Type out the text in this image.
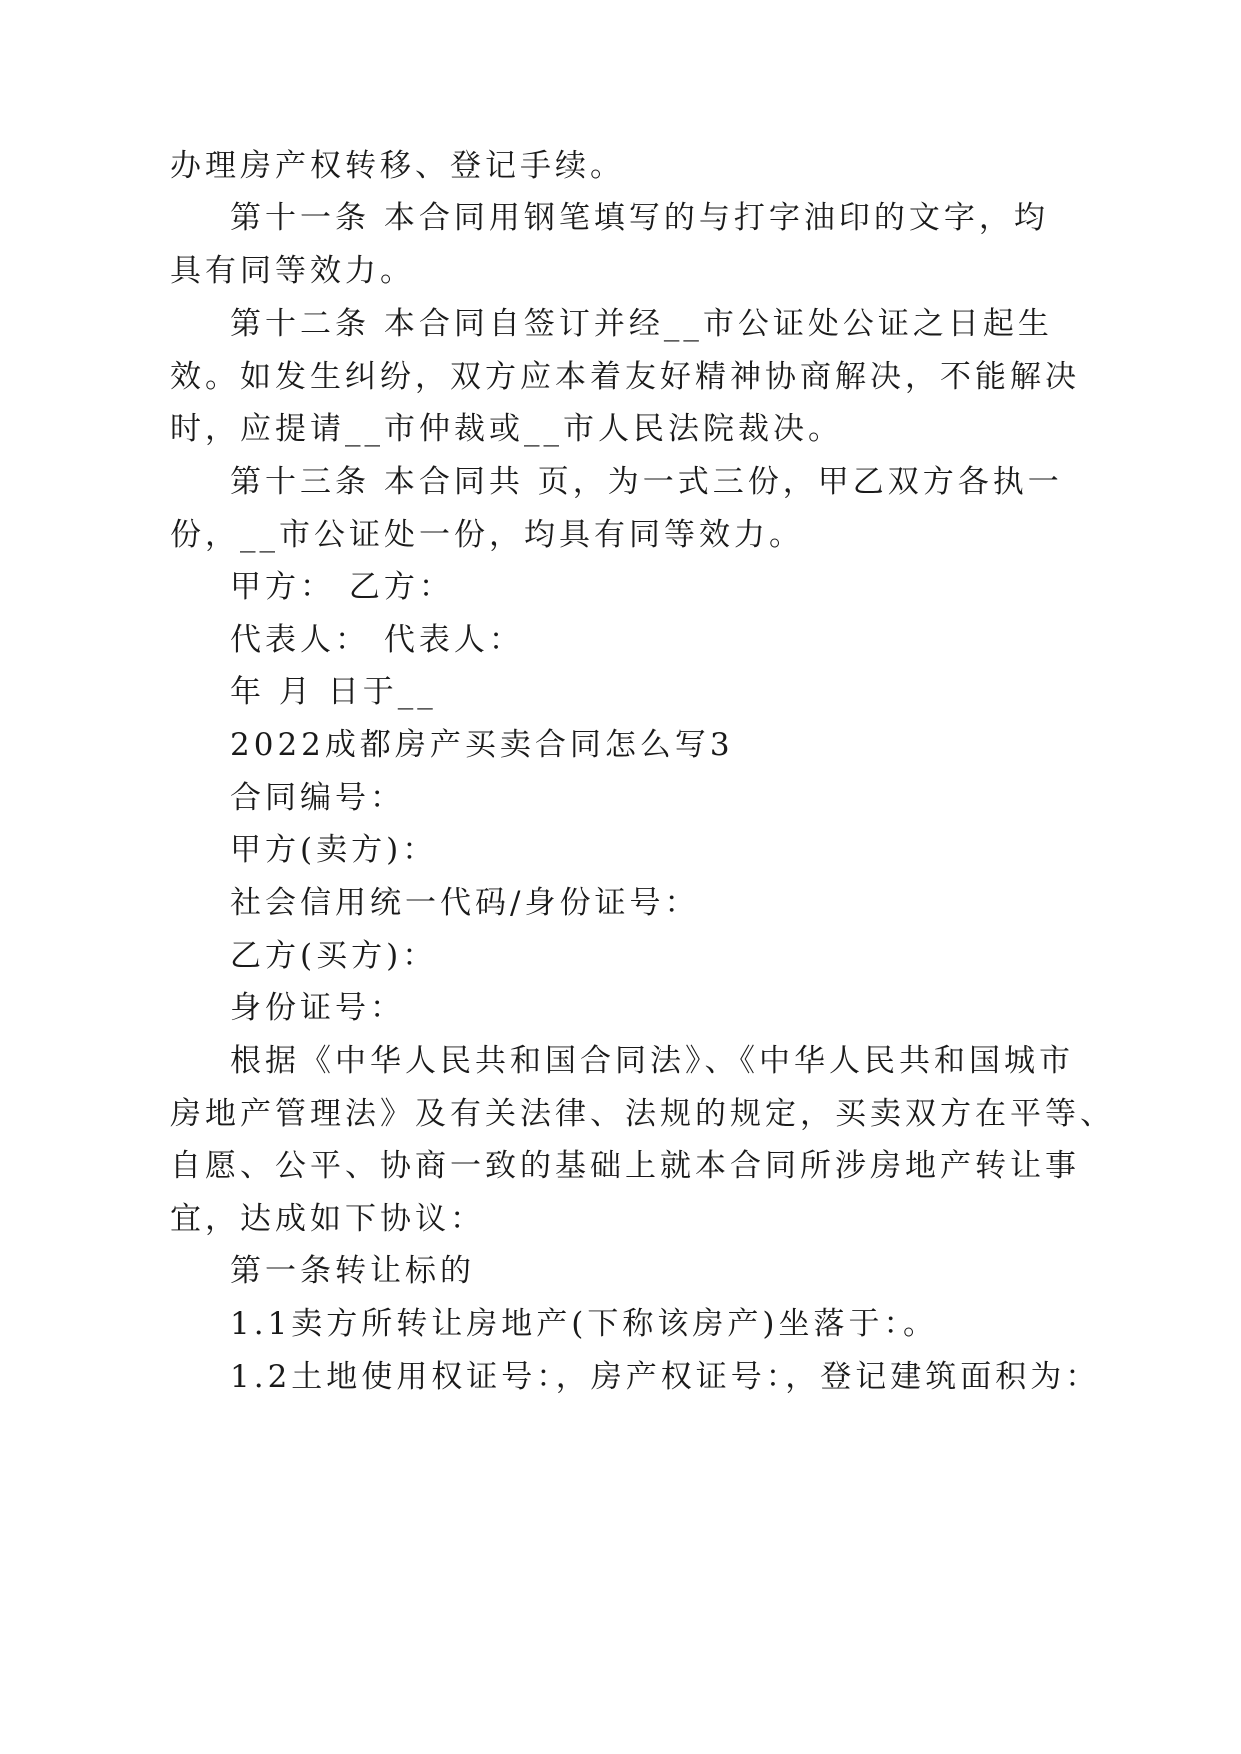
办理房产权转移、登记手续。
第十一条 本合同用钢笔填写的与打字油印的文字，均
具有同等效力。
第十二条 本合同自签订并经__市公证处公证之日起生
效。如发生纠纷，双方应本着友好精神协商解决，不能解决
时，应提请__市仲裁或__市人民法院裁决。
第十三条 本合同共 页，为一式三份，甲乙双方各执一
份，__市公证处一份，均具有同等效力。
甲方： 乙方：
代表人： 代表人：
年 月 日于__
2022成都房产买卖合同怎么写3
合同编号：
甲方(卖方)：
社会信用统一代码/身份证号：
乙方(买方)：
身份证号：
根据《中华人民共和国合同法》、《中华人民共和国城市
房地产管理法》及有关法律、法规的规定，买卖双方在平等、
自愿、公平、协商一致的基础上就本合同所涉房地产转让事
宜，达成如下协议：
第一条转让标的
1.1卖方所转让房地产(下称该房产)坐落于：。
1.2土地使用权证号：，房产权证号：，登记建筑面积为：
